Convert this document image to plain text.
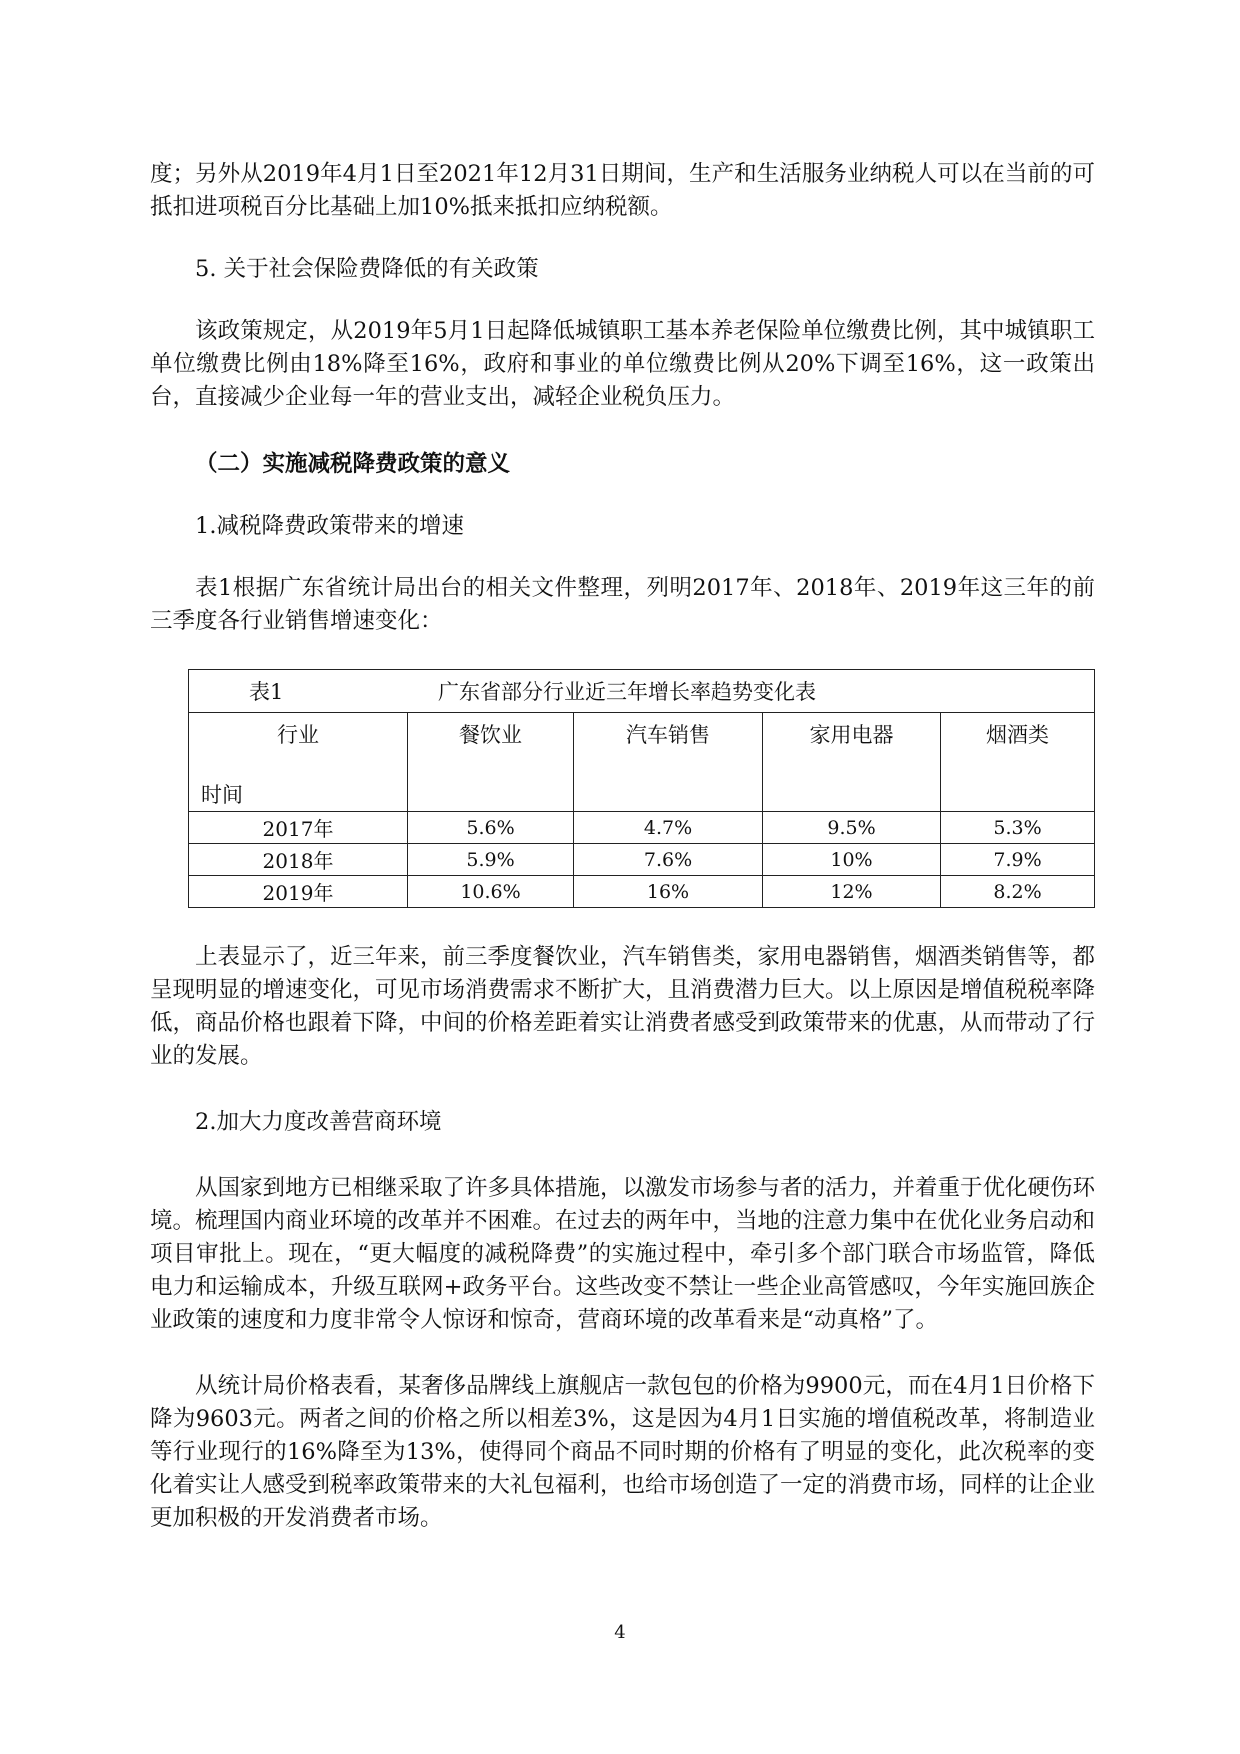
度；另外从2019年4月1日至2021年12月31日期间，生产和生活服务业纳税人可以在当前的可抵扣进项税百分比基础上加10%抵来抵扣应纳税额。

5. 关于社会保险费降低的有关政策

该政策规定，从2019年5月1日起降低城镇职工基本养老保险单位缴费比例，其中城镇职工单位缴费比例由18%降至16%，政府和事业的单位缴费比例从20%下调至16%，这一政策出台，直接减少企业每一年的营业支出，减轻企业税负压力。

（二）实施减税降费政策的意义

1.减税降费政策带来的增速

表1根据广东省统计局出台的相关文件整理，列明2017年、2018年、2019年这三年的前三季度各行业销售增速变化：

表1 广东省部分行业近三年增长率趋势变化表				

行业
时间	餐饮业	汽车销售	家用电器	烟酒类
2017年	5.6%	4.7%	9.5%	5.3%
2018年	5.9%	7.6%	10%	7.9%
2019年	10.6%	16%	12%	8.2%

上表显示了，近三年来，前三季度餐饮业，汽车销售类，家用电器销售，烟酒类销售等，都呈现明显的增速变化，可见市场消费需求不断扩大，且消费潜力巨大。以上原因是增值税税率降低，商品价格也跟着下降，中间的价格差距着实让消费者感受到政策带来的优惠，从而带动了行业的发展。

2.加大力度改善营商环境

从国家到地方已相继采取了许多具体措施，以激发市场参与者的活力，并着重于优化硬伤环境。梳理国内商业环境的改革并不困难。在过去的两年中，当地的注意力集中在优化业务启动和项目审批上。现在，“更大幅度的减税降费”的实施过程中，牵引多个部门联合市场监管，降低电力和运输成本，升级互联网+政务平台。这些改变不禁让一些企业高管感叹，今年实施回族企业政策的速度和力度非常令人惊讶和惊奇，营商环境的改革看来是“动真格”了。

从统计局价格表看，某奢侈品牌线上旗舰店一款包包的价格为9900元，而在4月1日价格下降为9603元。两者之间的价格之所以相差3%，这是因为4月1日实施的增值税改革，将制造业等行业现行的16%降至为13%，使得同个商品不同时期的价格有了明显的变化，此次税率的变化着实让人感受到税率政策带来的大礼包福利，也给市场创造了一定的消费市场，同样的让企业更加积极的开发消费者市场。

4
